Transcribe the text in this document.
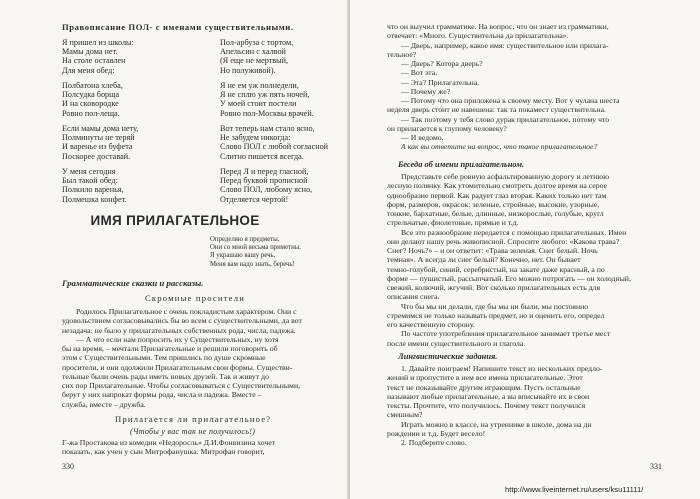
Правописание ПОЛ- с именами существительными.
Я пришел из школы:
Мамы дома нет.
На столе оставлен
Для меня обед:
Полбатона хлеба,
Полсудка борща
И на сковородке
Ровно пол-леща.
Если мамы дома нету,
Полминуты не теряй
И варенье из буфета
Поскорее доставай.
У меня сегодня
Был такой обед:
Полкило варенья,
Полмешка конфет.
Пол-арбуза с тортом,
Апельсин с халвой
(Я еще не мертвый,
Но полуживой).
Я не ем уж полнедели,
Я не сплю уж пять ночей,
У моей стоит постели
Ровно пол-Москвы врачей.
Вот теперь нам стало ясно,
Не забудем никогда:
Слово ПОЛ с любой согласной
Слитно пишется всегда.
Перед Л и перед гласной,
Перед буквой прописной
Слово ПОЛ, любому ясно,
Отделяется чертой!
ИМЯ ПРИЛАГАТЕЛЬНОЕ
Определяю я предметы,
Они со мной весьма приметны.
Я украшаю вашу речь,
Меня вам надо знать, беречь!
Грамматические сказки и рассказы.
Скромные просители
Родилось Прилагательное с очень покладистым характером. Они с
удовольствием согласовывались бы во всем с существительными, да вот
незадача: не было у прилагательных собственных рода, числа, падежа.
— А что если нам попросить их у Существительных, ну хотя
бы на время, – мечтали Прилагательные и решили поговорить об
этом с Существительными. Тем пришлись по душе скромные
просители, и они одолжили Прилагательным свои формы. Существи-
тельные были очень рады иметь новых друзей. Так и живут до
сих пор Прилагательные. Чтобы согласовываться с Существительными,
берут у них напрокат формы рода, числа и падежа. Вместе –
служба, вместе – дружба.
Прилагается ли прилагательное?
(Чтобы у вас так не получилось!)
Г-жа Простакова из комедии «Недоросль» Д.И.Фонвизина хочет
показать, как учен у сын Митрофанушка. Митрофан говорит,
330
что он выучил грамматике. На вопрос, что он знает из грамматики,
отвечает: «Много. Существительна да прилагательна».
— Дверь, например, какое имя: существительное или прилага-
тельное?
— Дверь? Котора дверь?
— Вот эта.
— Эта? Прилагательна.
— Почему же?
— Потому что она приложена к своему месту. Вот у чулана шеста
неделя дверь стоит не навешена: так та покамест существительна.
— Так поэтому у тебя слово дурак прилагательное, потому что
он прилагается к глупому человеку?
— И ведомо.
А как вы ответите на вопрос, что такое прилагательное?
Беседа об имени прилагательном.
Представьте себе ровную асфальтированную дорогу и летнюю
лесную полянку. Как утомительно смотреть долгое время на серое
однообразие первой. Как радует глаз вторая. Каких только нет там
форм, размеров, окрасок: зеленые, стройные, высокие, узорные,
тонкие, бархатные, белые, длинные, низкорослые, голубые, кругл
стрельчатые, фиолетовые, прямые и т.д.
Все это разнообразие передается с помощью прилагательных. Имен
они делают нашу речь живописной. Спросите любого: «Какова трава?
Снег? Ночь?» – и он ответит: «Трава зеленая. Снег белый. Ночь
темная». А всегда ли снег белый? Конечно, нет. Он бывает
темно-голубой, синий, серебристый, на закате даже красный, а по
форме — пушистый, рассыпчатый. Его можно потрогать — он холодный,
свежий, колючий, жгучий. Вот сколько прилагательных есть для
описания снега.
Что бы мы ни делали, где бы мы ни были, мы постоянно
стремимся не только называть предмет, но и оценить его, определ
его качественную сторону.
По частоте употребления прилагательное занимает третье мест
после имени существительного и глагола.
Лингвистические задания.
1. Давайте поиграем! Напишите текст из нескольких предло-
жений и пропустите в нем все имена прилагательные. Этот
текст не показывайте другим играющим. Пусть остальные
называют любые прилагательные, а вы вписывайте их в свои
тексты. Прочтите, что получилось. Почему текст получился
смешным?
Играть можно в классе, на утреннике в школе, дома на дн
рождении и т.д. Будет весело!
2. Подберите слово.
331
http://www.liveinternet.ru/users/ksu11111/
